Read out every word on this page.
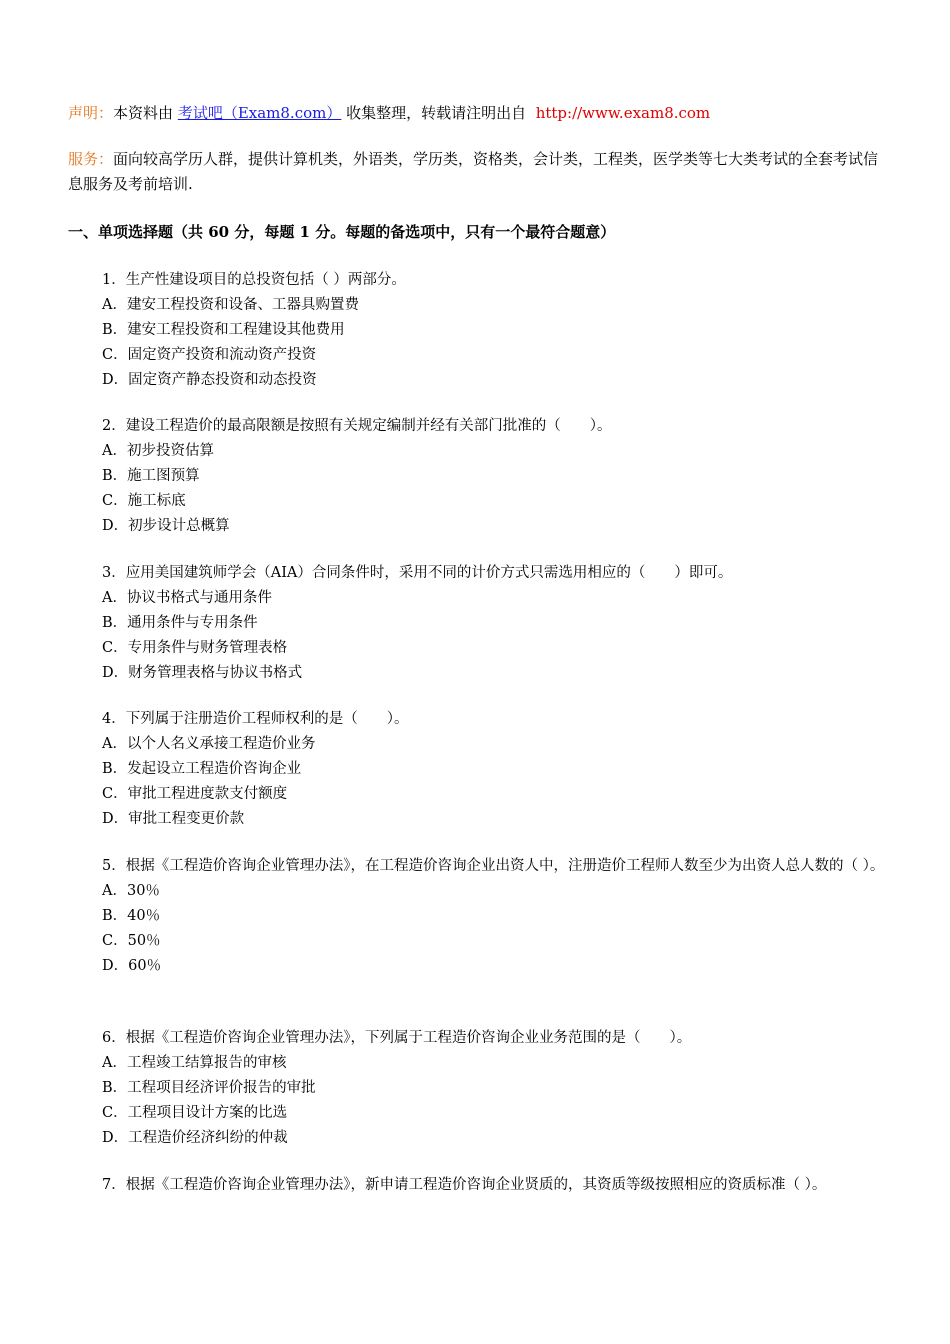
声明：本资料由 考试吧（Exam8.com） 收集整理，转载请注明出自 http://www.exam8.com
服务：面向较高学历人群，提供计算机类，外语类，学历类，资格类，会计类，工程类，医学类等七大类考试的全套考试信息服务及考前培训.
一、单项选择题（共 60 分，每题 1 分。每题的备选项中，只有一个最符合题意）
1．生产性建设项目的总投资包括（ ）两部分。
A．建安工程投资和设备、工器具购置费
B．建安工程投资和工程建设其他费用
C．固定资产投资和流动资产投资
D．固定资产静态投资和动态投资
2．建设工程造价的最高限额是按照有关规定编制并经有关部门批准的（　　）。
A．初步投资估算
B．施工图预算
C．施工标底
D．初步设计总概算
3．应用美国建筑师学会（AIA）合同条件时，采用不同的计价方式只需选用相应的（　　）即可。
A．协议书格式与通用条件
B．通用条件与专用条件
C．专用条件与财务管理表格
D．财务管理表格与协议书格式
4．下列属于注册造价工程师权利的是（　　）。
A．以个人名义承接工程造价业务
B．发起设立工程造价咨询企业
C．审批工程进度款支付额度
D．审批工程变更价款
5．根据《工程造价咨询企业管理办法》，在工程造价咨询企业出资人中，注册造价工程师人数至少为出资人总人数的（ ）。
A．30％
B．40％
C．50％
D．60％
6．根据《工程造价咨询企业管理办法》，下列属于工程造价咨询企业业务范围的是（　　）。
A．工程竣工结算报告的审核
B．工程项目经济评价报告的审批
C．工程项目设计方案的比选
D．工程造价经济纠纷的仲裁
7．根据《工程造价咨询企业管理办法》，新申请工程造价咨询企业贤质的，其资质等级按照相应的资质标准（ ）。
